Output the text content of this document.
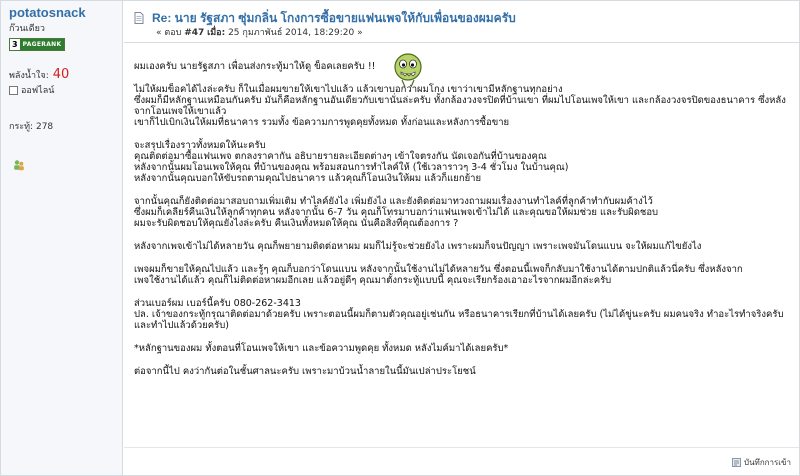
potatosnack
ก๊วนเดียว
3 PAGERANK
พลังน้ำใจ: 40
ออฟไลน์
กระทู้: 278
Re: นาย รัฐสภา ซุ่มกลิ่น โกงการซื้อขายแฟนเพจให้กับเพื่อนของผมครับ
« ตอบ #47 เมื่อ: 25 กุมภาพันธ์ 2014, 18:29:20 »

ผมเองครับ นายรัฐสภา เพื่อนส่งกระทู้มาให้ดู ข็อคเลยครับ !!

ไม่ให้ผมข็อคได้ไงล่ะครับ ก็ในเมื่อผมขายให้เขาไปแล้ว แล้วเขาบอกว่าผมโกง เขาว่าเขามีหลักฐานทุกอย่าง

ซึ่งผมก็มีหลักฐานเหมือนกันครับ มันก็คือหลักฐานอันเดียวกับเขานั่นล่ะครับ ทั้งกล้องวงจรปิดที่บ้านเขา ที่ผมไปโอนเพจให้เขา และกล้องวงจรปิดของธนาคาร ซึ่งหลังจากโอนเพจให้เขาแล้ว

เขาก็ไปเบิกเงินให้ผมที่ธนาคาร รวมทั้ง ข้อความการพูดคุยทั้งหมด ทั้งก่อนและหลังการซื้อขาย

จะสรุปเรื่องราวทั้งหมดให้นะครับ

คุณติดต่อมาซื้อแฟนเพจ ตกลงราคากัน อธิบายรายละเอียดต่างๆ เข้าใจตรงกัน นัดเจอกันที่บ้านของคุณ

หลังจากนั้นผมโอนเพจให้คุณ ที่บ้านของคุณ พร้อมสอนการทำไลค์ให้ (ใช้เวลาราวๆ 3-4 ชั่วโมง ในบ้านคุณ)

หลังจากนั้นคุณบอกให้ขับรถตามคุณไปธนาคาร แล้วคุณก็โอนเงินให้ผม แล้วก็แยกย้าย

จากนั้นคุณก็ยังติดต่อมาสอบถามเพิ่มเติม ทำไลค์ยังไง เพิ่มยังไง และยังติดต่อมาทวงถามผมเรื่องงานทำไลค์ที่ลูกค้าทำกับผมค้างไว้

ซึ่งผมก็เคลียร์คืนเงินให้ลูกค้าทุกคน หลังจากนั้น 6-7 วัน คุณก็โทรมาบอกว่าแฟนเพจเข้าไม่ได้ และคุณขอให้ผมช่วย และรับผิดชอบ

ผมจะรับผิดชอบให้คุณยังไงล่ะครับ คืนเงินทั้งหมดให้คุณ นั่นคือสิ่งที่คุณต้องการ ?

หลังจากเพจเข้าไม่ได้หลายวัน คุณก็พยายามติดต่อหาผม ผมก็ไม่รู้จะช่วยยังไง เพราะผมก็จนปัญญา เพราะเพจมันโดนแบน จะให้ผมแก้ไขยังไง

เพจผมก็ขายให้คุณไปแล้ว และรู้ๆ คุณก็บอกว่าโดนแบน หลังจากนั้นใช้งานไม่ได้หลายวัน ซึ่งตอนนี้เพจก็กลับมาใช้งานได้ตามปกติแล้วนี่ครับ ซึ่งหลังจาก

เพจใช้งานได้แล้ว คุณก็ไม่ติดต่อหาผมอีกเลย แล้วอยู่ดีๆ คุณมาตั้งกระทู้แบบนี้ คุณจะเรียกร้องเอาอะไรจากผมอีกล่ะครับ

ส่วนเบอร์ผม เบอร์นี้ครับ 080-262-3413

ปล. เจ้าของกระทู้กรุณาติดต่อมาด้วยครับ เพราะตอนนี้ผมก็ตามตัวคุณอยู่เช่นกัน หรือธนาคารเรียกที่บ้านได้เลยครับ (ไม่ได้ขู่นะครับ ผมคนจริง ทำอะไรทำจริงครับ และทำไปแล้วด้วยครับ)

*หลักฐานของผม ทั้งตอนที่โอนเพจให้เขา และข้อความพูดคุย ทั้งหมด หลังไมค์มาได้เลยครับ*

ต่อจากนี้ไป คงว่ากันต่อในชั้นศาลนะครับ เพราะมาบ้วนน้ำลายในนี้มันเปล่าประโยชน์

บันทึกการเข้า
